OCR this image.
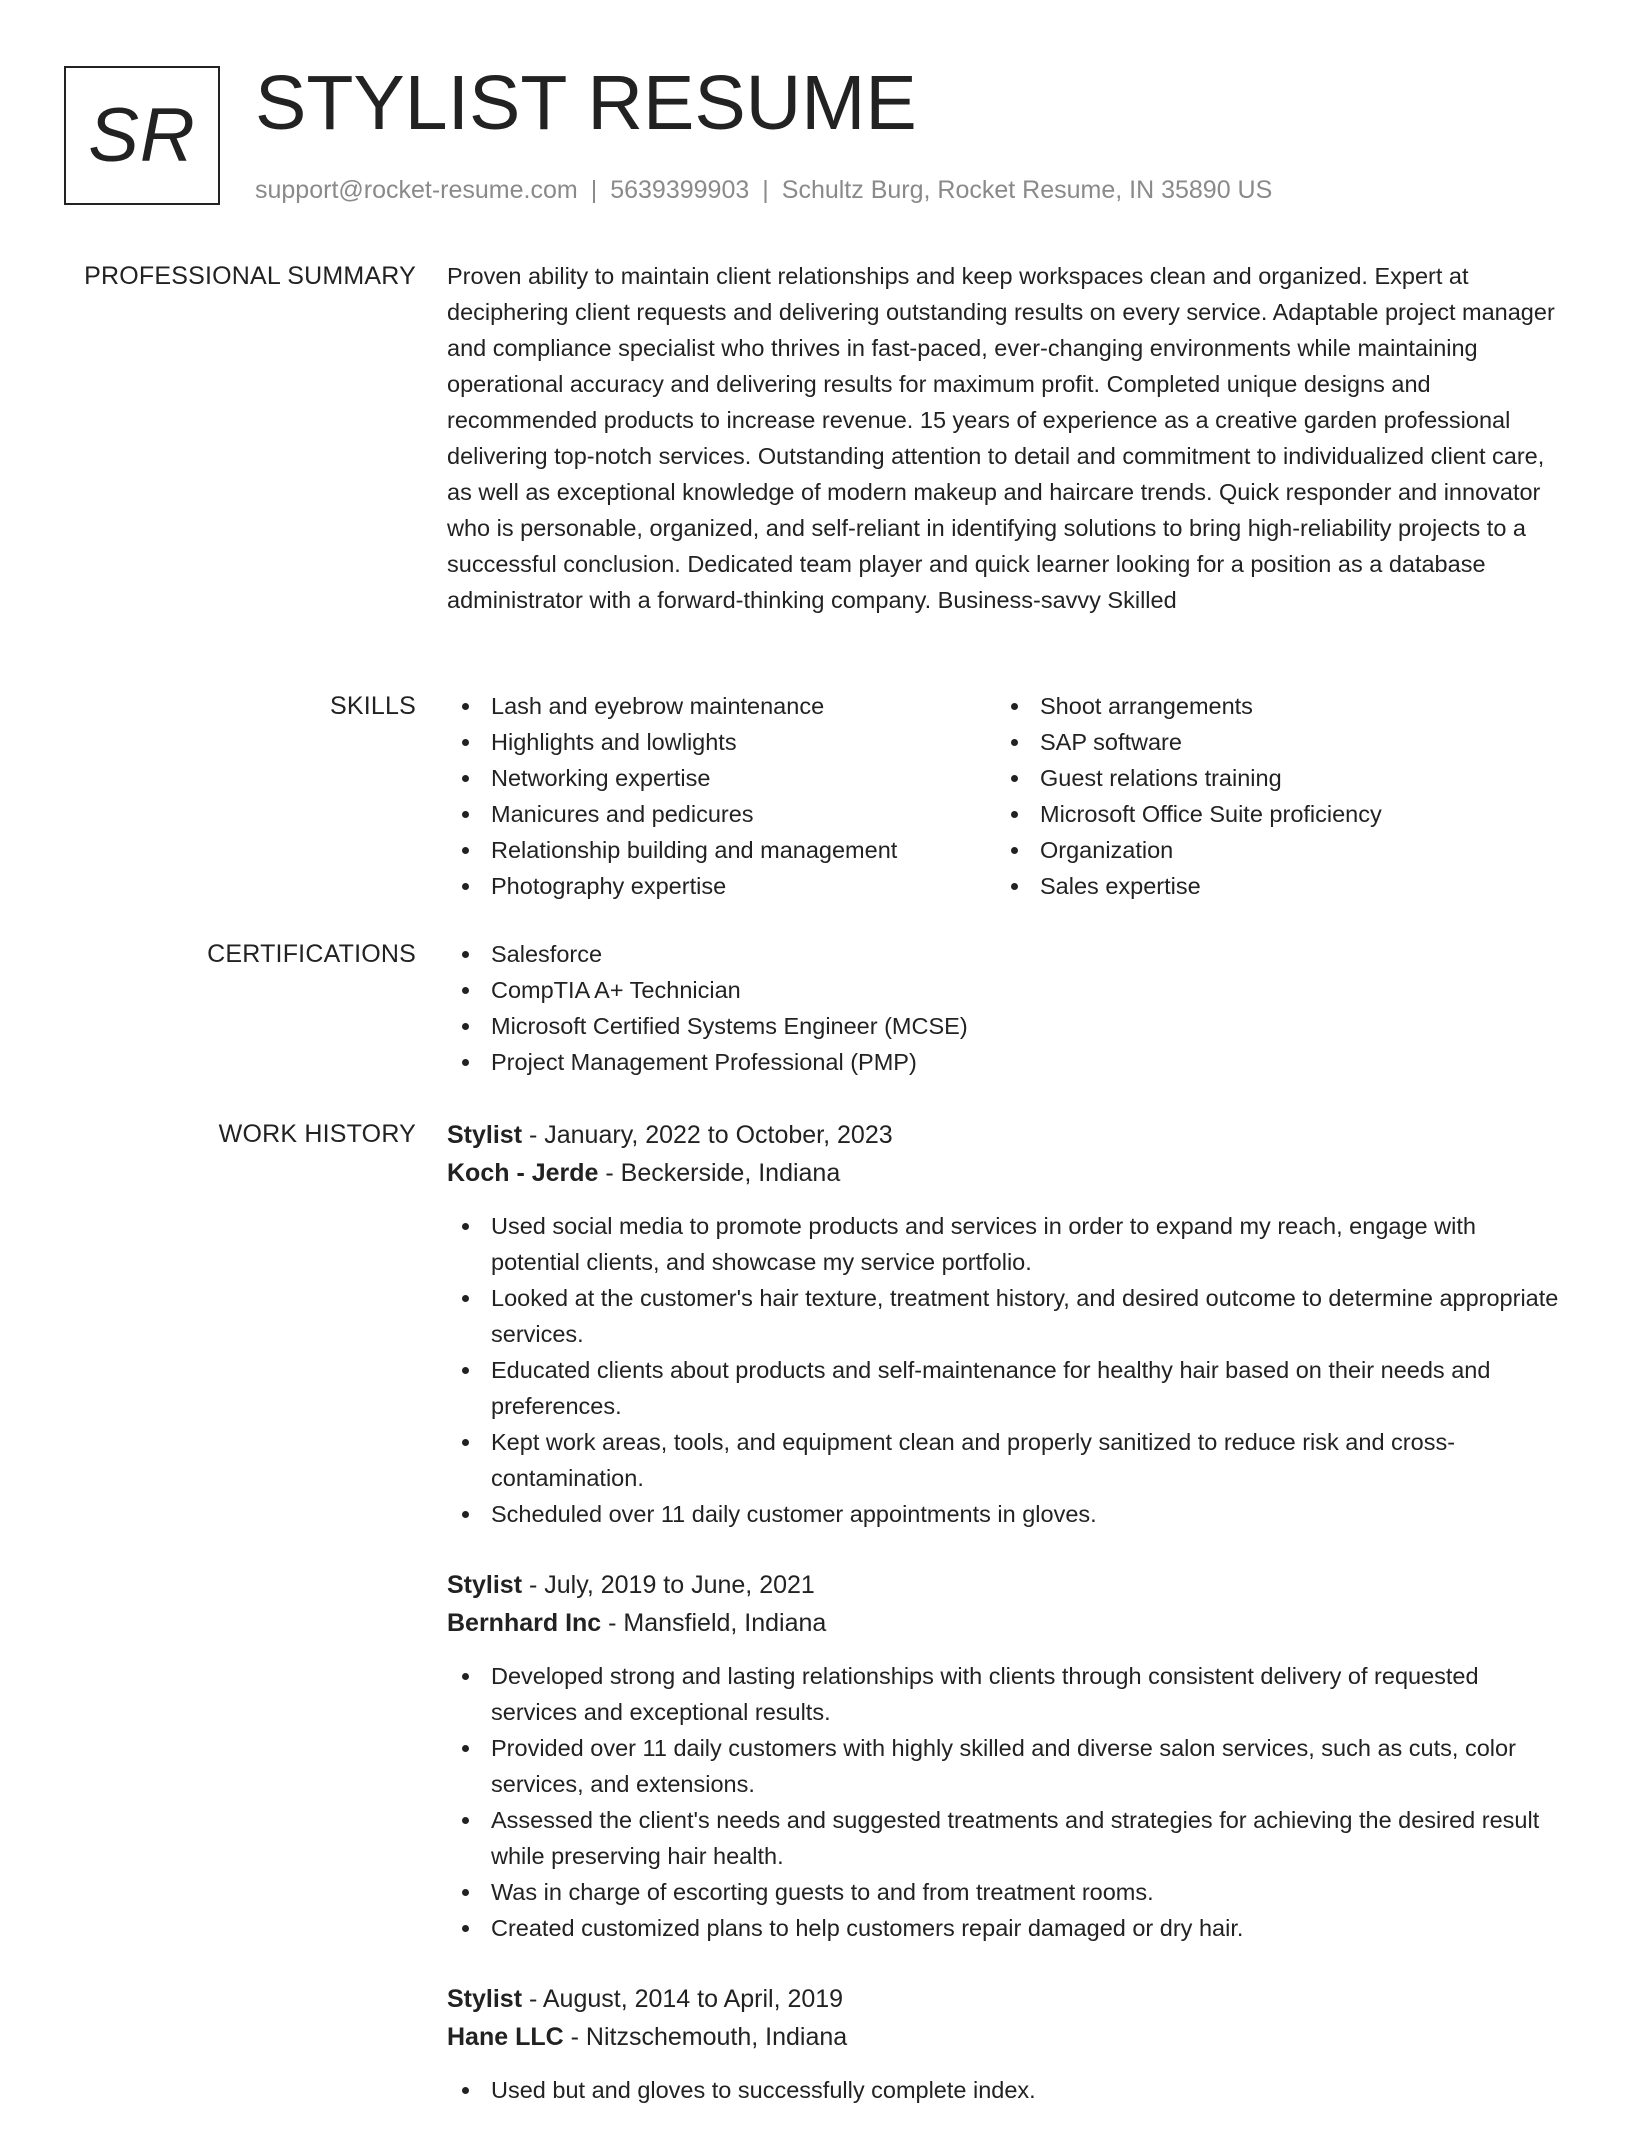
SR STYLIST RESUME
support@rocket-resume.com | 5639399903 | Schultz Burg, Rocket Resume, IN 35890 US
PROFESSIONAL SUMMARY Proven ability to maintain client relationships and keep workspaces clean and organized. Expert at deciphering client requests and delivering outstanding results on every service. Adaptable project manager and compliance specialist who thrives in fast-paced, ever-changing environments while maintaining operational accuracy and delivering results for maximum profit. Completed unique designs and recommended products to increase revenue. 15 years of experience as a creative garden professional delivering top-notch services. Outstanding attention to detail and commitment to individualized client care, as well as exceptional knowledge of modern makeup and haircare trends. Quick responder and innovator who is personable, organized, and self-reliant in identifying solutions to bring high-reliability projects to a successful conclusion. Dedicated team player and quick learner looking for a position as a database administrator with a forward-thinking company. Business-savvy Skilled

SKILLS	Lash and eyebrow maintenance
Highlights and lowlights
Networking expertise
Manicures and pedicures
Relationship building and management
Photography expertise
Shoot arrangements
SAP software
Guest relations training
Microsoft Office Suite proficiency
Organization
Sales expertise
CERTIFICATIONS	Salesforce
CompTIA A+ Technician
Microsoft Certified Systems Engineer (MCSE)
Project Management Professional (PMP)
WORK HISTORY Stylist - January, 2022 to October, 2023

Koch - Jerde - Beckerside, Indiana

Used social media to promote products and services in order to expand my reach, engage with potential clients, and showcase my service portfolio.
Looked at the customer's hair texture, treatment history, and desired outcome to determine appropriate services.
Educated clients about products and self-maintenance for healthy hair based on their needs and preferences.
Kept work areas, tools, and equipment clean and properly sanitized to reduce risk and cross-contamination.
Scheduled over 11 daily customer appointments in gloves.

Stylist - July, 2019 to June, 2021

Bernhard Inc - Mansfield, Indiana

Developed strong and lasting relationships with clients through consistent delivery of requested services and exceptional results.
Provided over 11 daily customers with highly skilled and diverse salon services, such as cuts, color services, and extensions.
Assessed the client's needs and suggested treatments and strategies for achieving the desired result while preserving hair health.
Was in charge of escorting guests to and from treatment rooms.
Created customized plans to help customers repair damaged or dry hair.

Stylist - August, 2014 to April, 2019

Hane LLC - Nitzschemouth, Indiana

Used but and gloves to successfully complete index.
